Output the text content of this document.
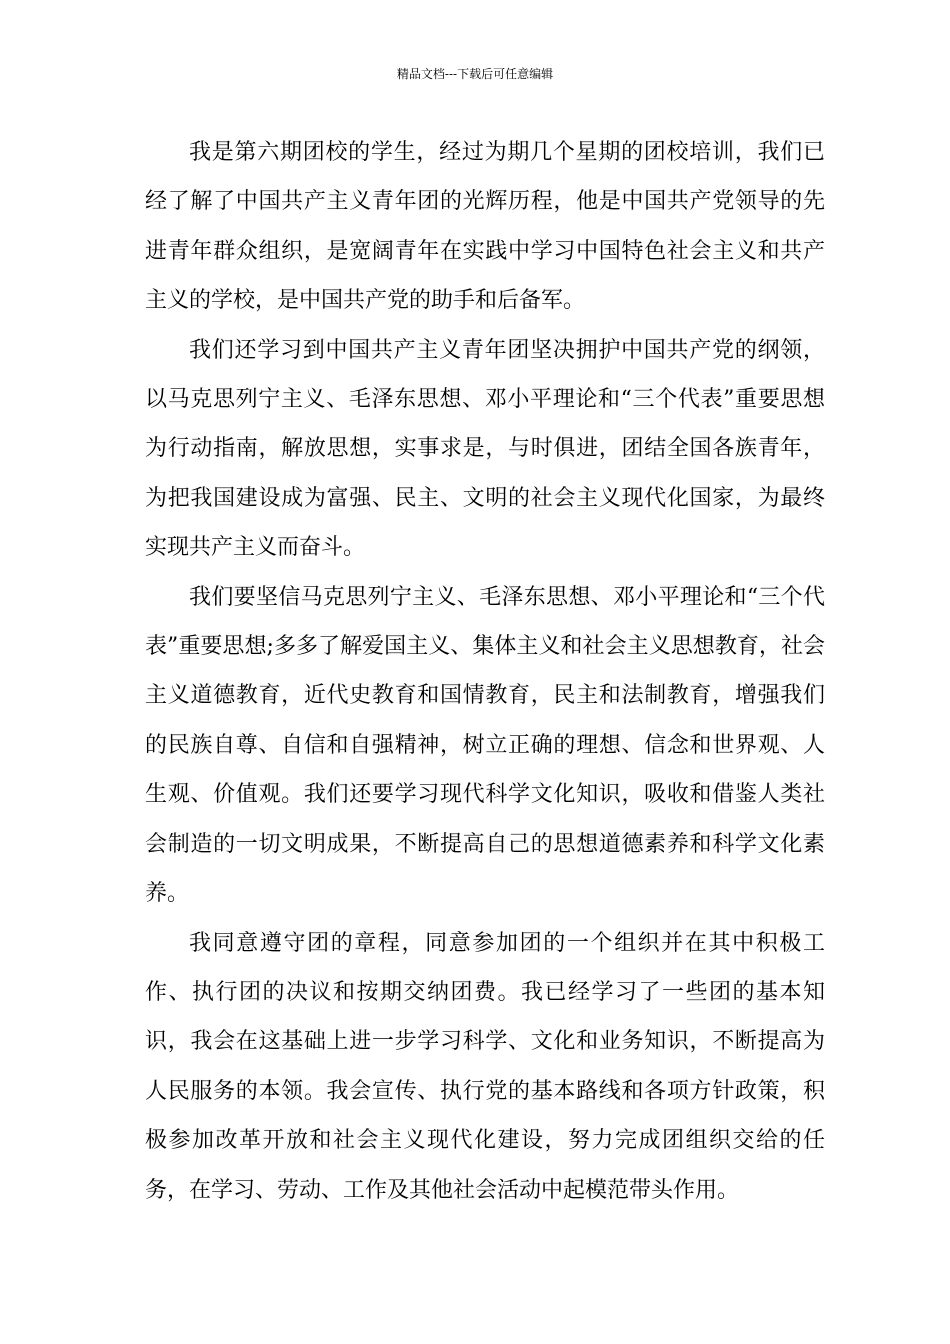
精品文档---下载后可任意编辑

我是第六期团校的学生，经过为期几个星期的团校培训，我们已经了解了中国共产主义青年团的光辉历程，他是中国共产党领导的先进青年群众组织，是宽阔青年在实践中学习中国特色社会主义和共产主义的学校，是中国共产党的助手和后备军。

我们还学习到中国共产主义青年团坚决拥护中国共产党的纲领，以马克思列宁主义、毛泽东思想、邓小平理论和“三个代表”重要思想为行动指南，解放思想，实事求是，与时俱进，团结全国各族青年，为把我国建设成为富强、民主、文明的社会主义现代化国家，为最终实现共产主义而奋斗。

我们要坚信马克思列宁主义、毛泽东思想、邓小平理论和“三个代表”重要思想;多多了解爱国主义、集体主义和社会主义思想教育，社会主义道德教育，近代史教育和国情教育，民主和法制教育，增强我们的民族自尊、自信和自强精神，树立正确的理想、信念和世界观、人生观、价值观。我们还要学习现代科学文化知识，吸收和借鉴人类社会制造的一切文明成果，不断提高自己的思想道德素养和科学文化素养。

我同意遵守团的章程，同意参加团的一个组织并在其中积极工作、执行团的决议和按期交纳团费。我已经学习了一些团的基本知识，我会在这基础上进一步学习科学、文化和业务知识，不断提高为人民服务的本领。我会宣传、执行党的基本路线和各项方针政策，积极参加改革开放和社会主义现代化建设，努力完成团组织交给的任务，在学习、劳动、工作及其他社会活动中起模范带头作用。
